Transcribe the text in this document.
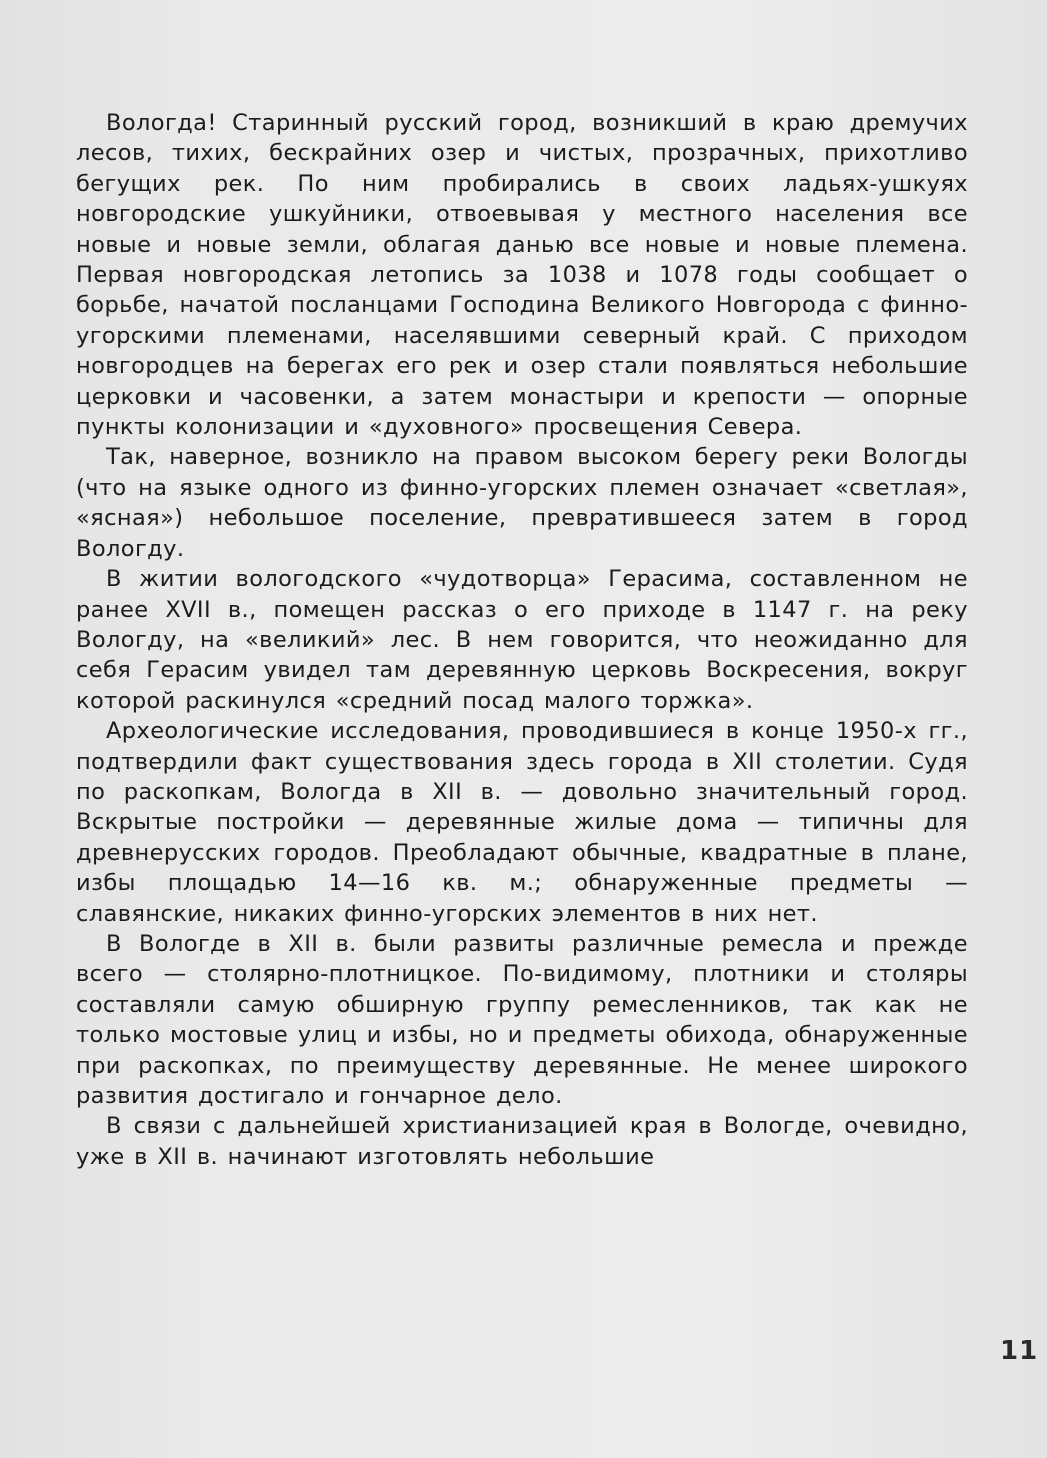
Вологда! Старинный русский город, возникший в краю дремучих лесов, тихих, бескрайних озер и чистых, прозрачных, прихотливо бегущих рек. По ним пробирались в своих ладьях-ушкуях новгородские ушкуйники, отвоевывая у местного населения все новые и новые земли, облагая данью все новые и новые племена. Первая новгородская летопись за 1038 и 1078 годы сообщает о борьбе, начатой посланцами Господина Великого Новгорода с финно-угорскими племенами, населявшими северный край. С приходом новгородцев на берегах его рек и озер стали появляться небольшие церковки и часовенки, а затем монастыри и крепости — опорные пункты колонизации и «духовного» просвещения Севера.

Так, наверное, возникло на правом высоком берегу реки Вологды (что на языке одного из финно-угорских племен означает «светлая», «ясная») небольшое поселение, превратившееся затем в город Вологду.

В житии вологодского «чудотворца» Герасима, составленном не ранее XVII в., помещен рассказ о его приходе в 1147 г. на реку Вологду, на «великий» лес. В нем говорится, что неожиданно для себя Герасим увидел там деревянную церковь Воскресения, вокруг которой раскинулся «средний посад малого торжка».

Археологические исследования, проводившиеся в конце 1950-х гг., подтвердили факт существования здесь города в XII столетии. Судя по раскопкам, Вологда в XII в. — довольно значительный город. Вскрытые постройки — деревянные жилые дома — типичны для древнерусских городов. Преобладают обычные, квадратные в плане, избы площадью 14—16 кв. м.; обнаруженные предметы — славянские, никаких финно-угорских элементов в них нет.

В Вологде в XII в. были развиты различные ремесла и прежде всего — столярно-плотницкое. По-видимому, плотники и столяры составляли самую обширную группу ремесленников, так как не только мостовые улиц и избы, но и предметы обихода, обнаруженные при раскопках, по преимуществу деревянные. Не менее широкого развития достигало и гончарное дело.

В связи с дальнейшей христианизацией края в Вологде, очевидно, уже в XII в. начинают изготовлять небольшие

11
